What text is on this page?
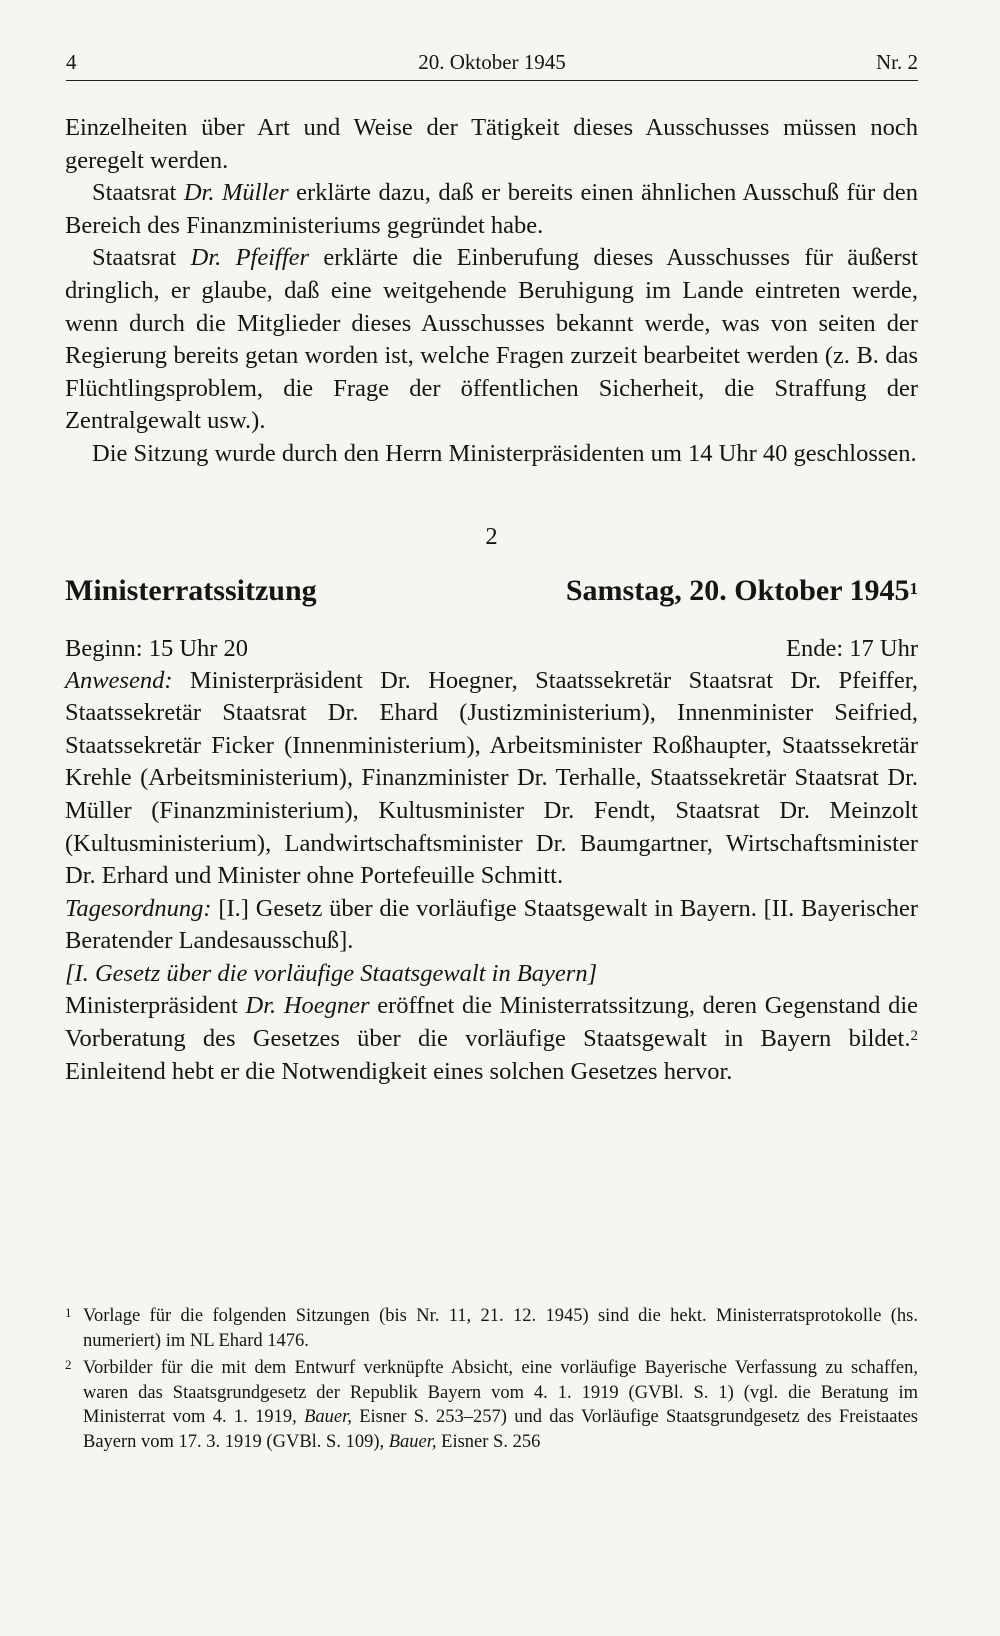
4	20. Oktober 1945	Nr. 2

Einzelheiten über Art und Weise der Tätigkeit dieses Ausschusses müssen noch geregelt werden.

Staatsrat Dr. Müller erklärte dazu, daß er bereits einen ähnlichen Ausschuß für den Bereich des Finanzministeriums gegründet habe.

Staatsrat Dr. Pfeiffer erklärte die Einberufung dieses Ausschusses für äußerst dringlich, er glaube, daß eine weitgehende Beruhigung im Lande eintreten werde, wenn durch die Mitglieder dieses Ausschusses bekannt werde, was von seiten der Regierung bereits getan worden ist, welche Fragen zurzeit bearbeitet werden (z. B. das Flüchtlingsproblem, die Frage der öffentlichen Sicherheit, die Straffung der Zentralgewalt usw.).

Die Sitzung wurde durch den Herrn Ministerpräsidenten um 14 Uhr 40 geschlossen.

2
Ministerratssitzung	Samstag, 20. Oktober 1945$^1$
Beginn: 15 Uhr 20	Ende: 17 Uhr

Anwesend: Ministerpräsident Dr. Hoegner, Staatssekretär Staatsrat Dr. Pfeiffer, Staatssekretär Staatsrat Dr. Ehard (Justizministerium), Innenminister Seifried, Staatssekretär Ficker (Innenministerium), Arbeitsminister Roßhaupter, Staatssekretär Krehle (Arbeitsministerium), Finanzminister Dr. Terhalle, Staatssekretär Staatsrat Dr. Müller (Finanzministerium), Kultusminister Dr. Fendt, Staatsrat Dr. Meinzolt (Kultusministerium), Landwirtschaftsminister Dr. Baumgartner, Wirtschaftsminister Dr. Erhard und Minister ohne Portefeuille Schmitt.

Tagesordnung: [I.] Gesetz über die vorläufige Staatsgewalt in Bayern. [II. Bayerischer Beratender Landesausschuß].

[I. Gesetz über die vorläufige Staatsgewalt in Bayern]

Ministerpräsident Dr. Hoegner eröffnet die Ministerratssitzung, deren Gegenstand die Vorberatung des Gesetzes über die vorläufige Staatsgewalt in Bayern bildet.$^2$ Einleitend hebt er die Notwendigkeit eines solchen Gesetzes hervor.

1 Vorlage für die folgenden Sitzungen (bis Nr. 11, 21. 12. 1945) sind die hekt. Ministerratsprotokolle (hs. numeriert) im NL Ehard 1476.
2 Vorbilder für die mit dem Entwurf verknüpfte Absicht, eine vorläufige Bayerische Verfassung zu schaffen, waren das Staatsgrundgesetz der Republik Bayern vom 4. 1. 1919 (GVBl. S. 1) (vgl. die Beratung im Ministerrat vom 4. 1. 1919, Bauer, Eisner S. 253–257) und das Vorläufige Staatsgrundgesetz des Freistaates Bayern vom 17. 3. 1919 (GVBl. S. 109), Bauer, Eisner S. 256
